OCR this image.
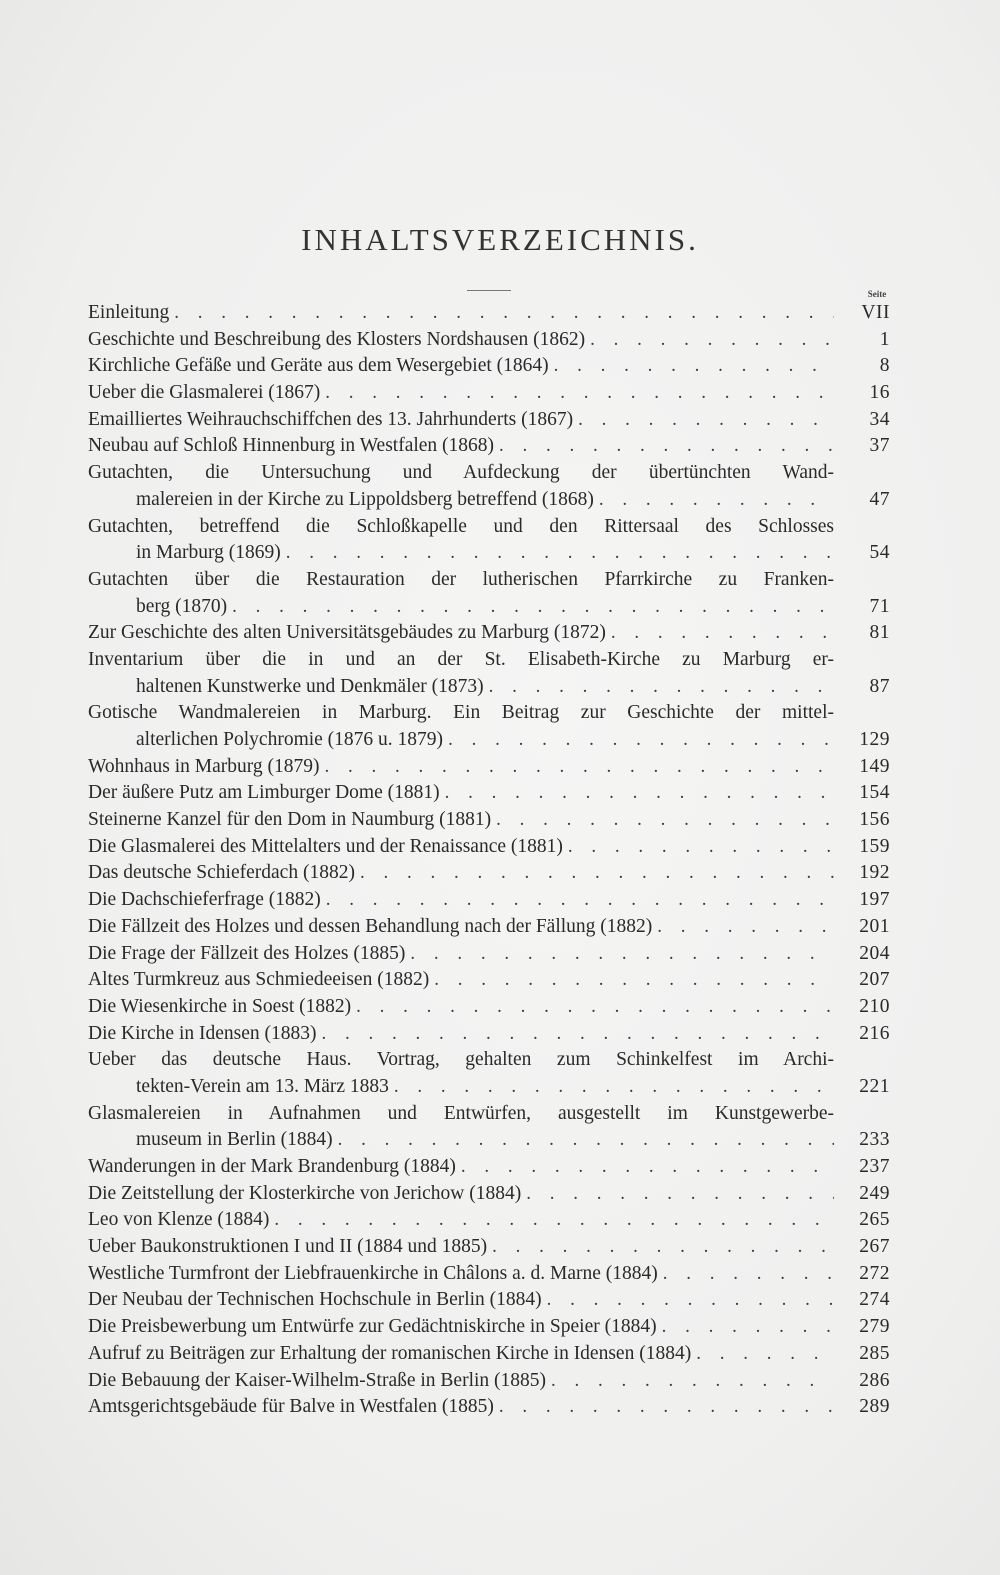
INHALTSVERZEICHNIS.
Seite
Einleitung . . .	VII
Geschichte und Beschreibung des Klosters Nordshausen (1862) . . .	1
Kirchliche Gefäße und Geräte aus dem Wesergebiet (1864) . . .	8
Ueber die Glasmalerei (1867) . . .	16
Emailliertes Weihrauchschiffchen des 13. Jahrhunderts (1867) . . .	34
Neubau auf Schloß Hinnenburg in Westfalen (1868) . . .	37
Gutachten, die Untersuchung und Aufdeckung der übertünchten Wand-
malereien in der Kirche zu Lippoldsberg betreffend (1868) . . .	47
Gutachten, betreffend die Schloßkapelle und den Rittersaal des Schlosses
in Marburg (1869) . . .	54
Gutachten über die Restauration der lutherischen Pfarrkirche zu Franken-
berg (1870) . . .	71
Zur Geschichte des alten Universitätsgebäudes zu Marburg (1872) . . .	81
Inventarium über die in und an der St. Elisabeth-Kirche zu Marburg er-
haltenen Kunstwerke und Denkmäler (1873) . . .	87
Gotische Wandmalereien in Marburg. Ein Beitrag zur Geschichte der mittel-
alterlichen Polychromie (1876 u. 1879) . . .	129
Wohnhaus in Marburg (1879) . . .	149
Der äußere Putz am Limburger Dome (1881) . . .	154
Steinerne Kanzel für den Dom in Naumburg (1881) . . .	156
Die Glasmalerei des Mittelalters und der Renaissance (1881) . . .	159
Das deutsche Schieferdach (1882) . . .	192
Die Dachschieferfrage (1882) . . .	197
Die Fällzeit des Holzes und dessen Behandlung nach der Fällung (1882) . . .	201
Die Frage der Fällzeit des Holzes (1885) . . .	204
Altes Turmkreuz aus Schmiedeeisen (1882) . . .	207
Die Wiesenkirche in Soest (1882) . . .	210
Die Kirche in Idensen (1883) . . .	216
Ueber das deutsche Haus. Vortrag, gehalten zum Schinkelfest im Archi-
tekten-Verein am 13. März 1883 . . .	221
Glasmalereien in Aufnahmen und Entwürfen, ausgestellt im Kunstgewerbe-
museum in Berlin (1884) . . .	233
Wanderungen in der Mark Brandenburg (1884) . . .	237
Die Zeitstellung der Klosterkirche von Jerichow (1884) . . .	249
Leo von Klenze (1884) . . .	265
Ueber Baukonstruktionen I und II (1884 und 1885) . . .	267
Westliche Turmfront der Liebfrauenkirche in Châlons a. d. Marne (1884) . . .	272
Der Neubau der Technischen Hochschule in Berlin (1884) . . .	274
Die Preisbewerbung um Entwürfe zur Gedächtniskirche in Speier (1884) . . .	279
Aufruf zu Beiträgen zur Erhaltung der romanischen Kirche in Idensen (1884) . . .	285
Die Bebauung der Kaiser-Wilhelm-Straße in Berlin (1885) . . .	286
Amtsgerichtsgebäude für Balve in Westfalen (1885) . . .	289
